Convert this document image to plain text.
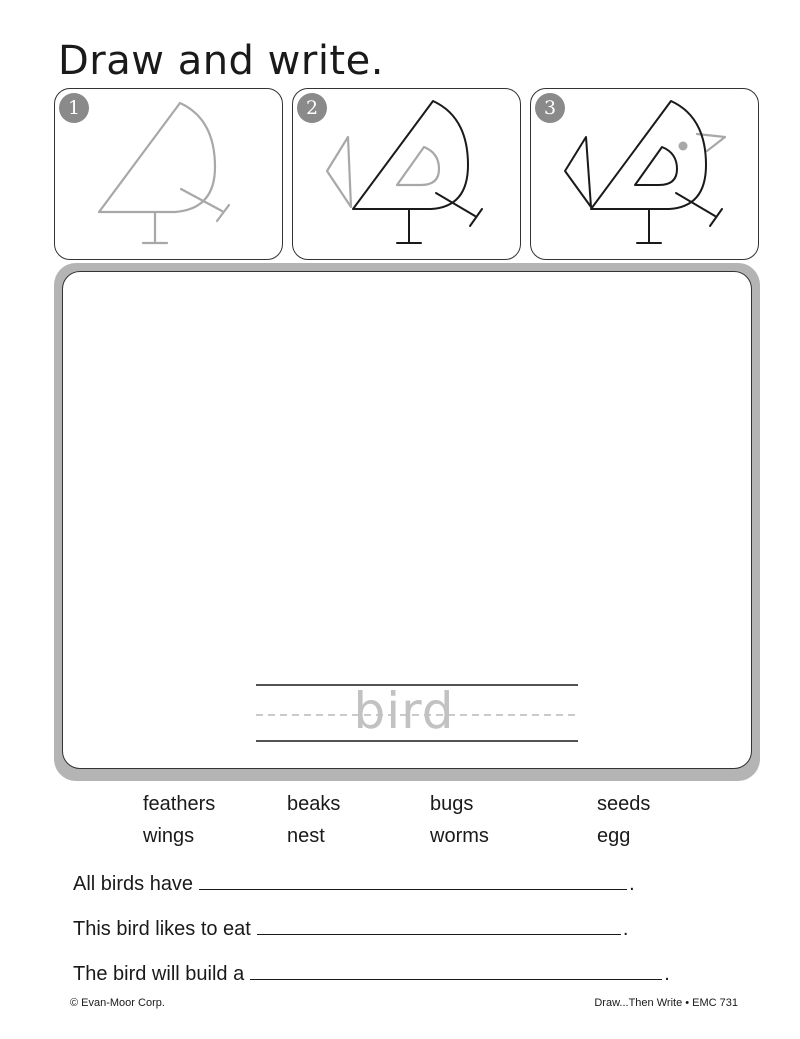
Draw and write.
1	2	3
bird
feathers	beaks	bugs	seeds
wings	nest	worms	egg
All birds have	.
This bird likes to eat	.
The bird will build a	.
© Evan-Moor Corp.	Draw...Then Write • EMC 731
